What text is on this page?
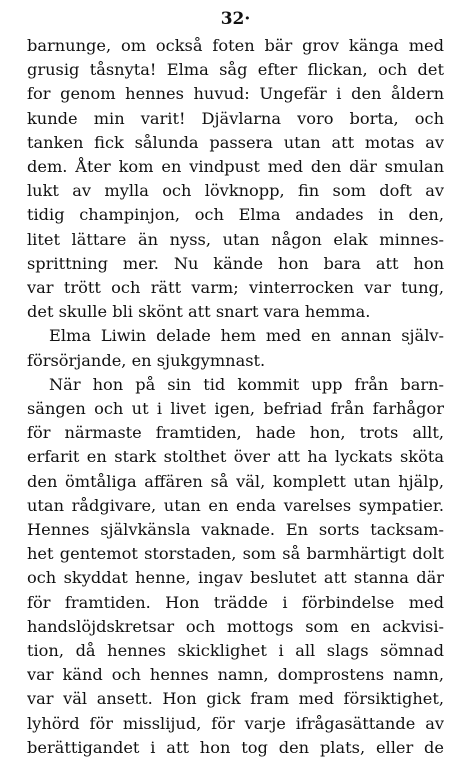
32·
barnunge, om också foten bär grov känga med
grusig tåsnyta! Elma såg efter flickan, och det
for genom hennes huvud: Ungefär i den åldern
kunde min varit! Djävlarna voro borta, och
tanken fick sålunda passera utan att motas av
dem. Åter kom en vindpust med den där smulan
lukt av mylla och lövknopp, fin som doft av
tidig champinjon, och Elma andades in den,
litet lättare än nyss, utan någon elak minnes-
sprittning mer. Nu kände hon bara att hon
var trött och rätt varm; vinterrocken var tung,
det skulle bli skönt att snart vara hemma.
Elma Liwin delade hem med en annan själv-
försörjande, en sjukgymnast.
När hon på sin tid kommit upp från barn-
sängen och ut i livet igen, befriad från farhågor
för närmaste framtiden, hade hon, trots allt,
erfarit en stark stolthet över att ha lyckats sköta
den ömtåliga affären så väl, komplett utan hjälp,
utan rådgivare, utan en enda varelses sympatier.
Hennes självkänsla vaknade. En sorts tacksam-
het gentemot storstaden, som så barmhärtigt dolt
och skyddat henne, ingav beslutet att stanna där
för framtiden. Hon trädde i förbindelse med
handslöjdskretsar och mottogs som en ackvisi-
tion, då hennes skicklighet i all slags sömnad
var känd och hennes namn, domprostens namn,
var väl ansett. Hon gick fram med försiktighet,
lyhörd för misslijud, för varje ifrågasättande av
berättigandet i att hon tog den plats, eller de
